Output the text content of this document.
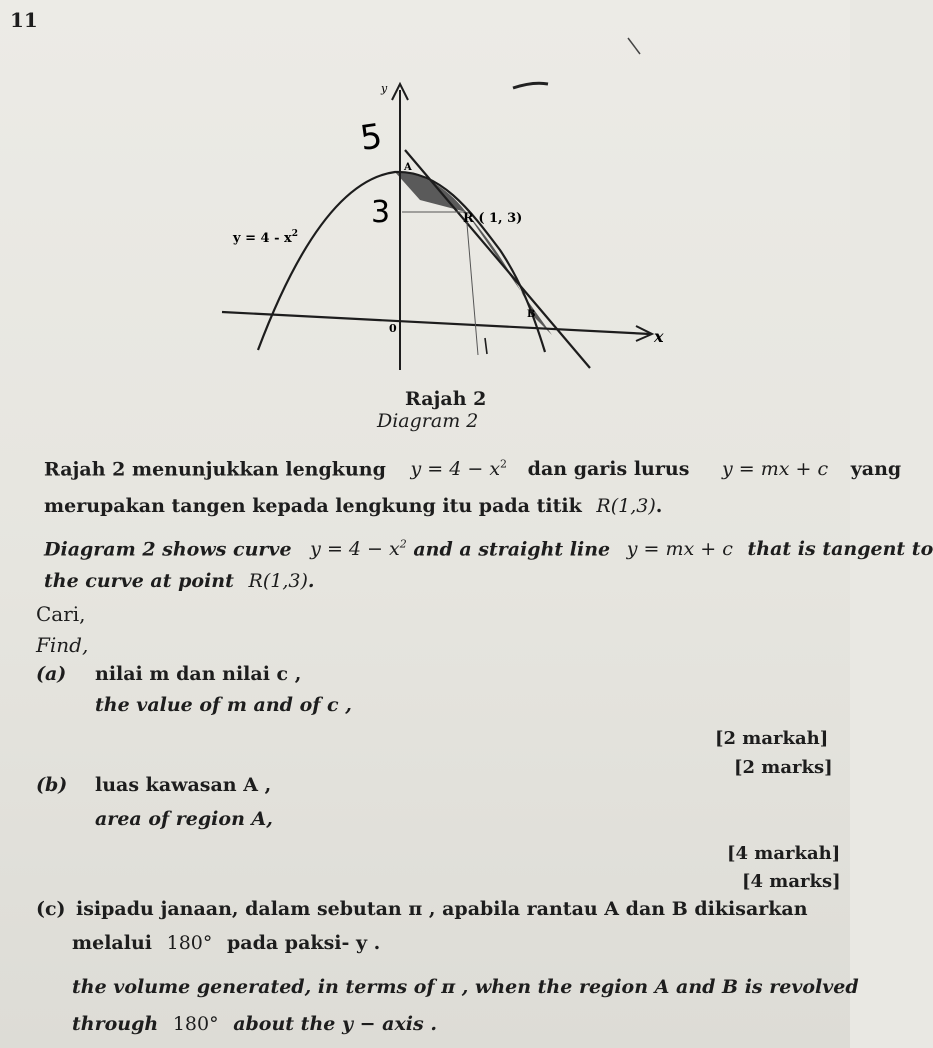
11
y
x
0
A
B
R ( 1, 3)
$y = 4 - x^2$
3
5
Rajah 2
Diagram 2
Rajah 2 menunjukkan lengkung $y = 4 - x^2$ dan garis lurus y = mx + c yang
merupakan tangen kepada lengkung itu pada titik R(1,3).
Diagram 2 shows curve $y = 4 - x^2$ and a straight line y = mx + c that is tangent to
the curve at point R(1,3).
Cari,
Find,
(a) nilai m dan nilai c ,
the value of m and of c ,
[2 markah]
[2 marks]
(b) luas kawasan A ,
area of region A,
[4 markah]
[4 marks]
(c) isipadu janaan, dalam sebutan π , apabila rantau A dan B dikisarkan
melalui 180° pada paksi- y .
the volume generated, in terms of π , when the region A and B is revolved
through 180° about the y − axis .
